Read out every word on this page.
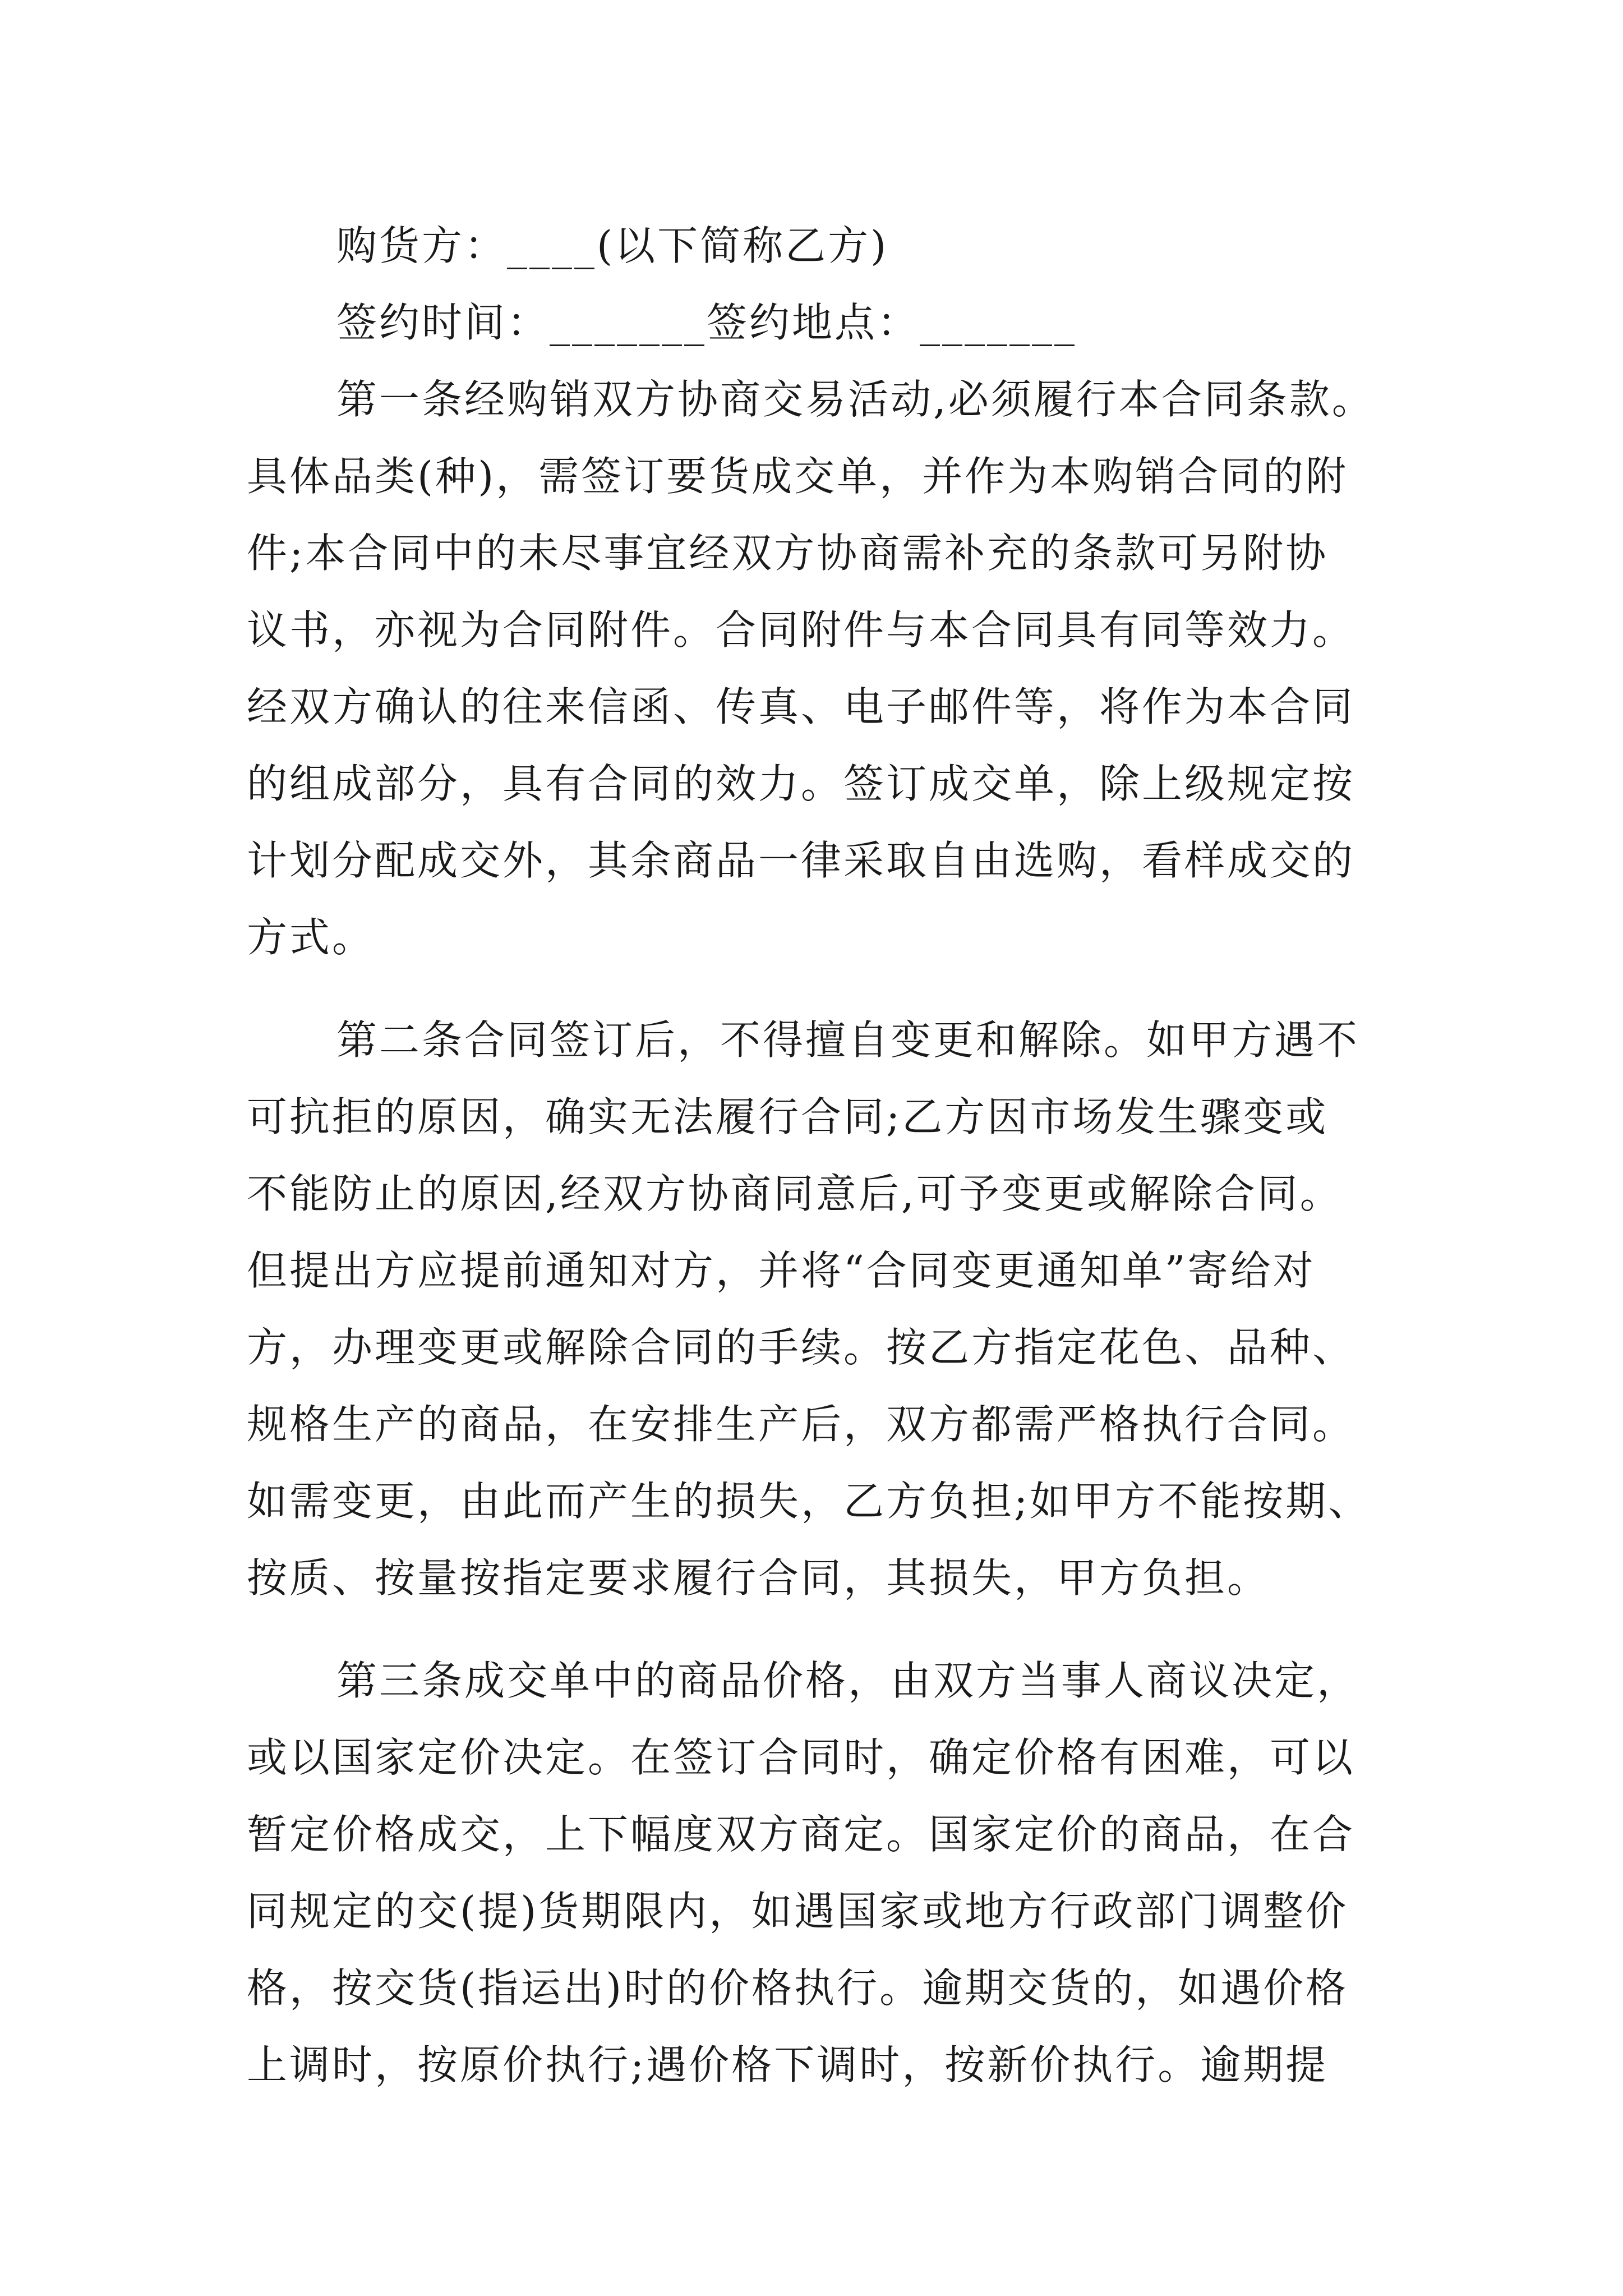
购货方：____(以下简称乙方)
签约时间：_______签约地点：_______
第一条经购销双方协商交易活动,必须履行本合同条款。
具体品类(种)，需签订要货成交单，并作为本购销合同的附
件;本合同中的未尽事宜经双方协商需补充的条款可另附协
议书，亦视为合同附件。合同附件与本合同具有同等效力。
经双方确认的往来信函、传真、电子邮件等，将作为本合同
的组成部分，具有合同的效力。签订成交单，除上级规定按
计划分配成交外，其余商品一律采取自由选购，看样成交的
方式。
第二条合同签订后，不得擅自变更和解除。如甲方遇不
可抗拒的原因，确实无法履行合同;乙方因市场发生骤变或
不能防止的原因,经双方协商同意后,可予变更或解除合同。
但提出方应提前通知对方，并将“合同变更通知单”寄给对
方，办理变更或解除合同的手续。按乙方指定花色、品种、
规格生产的商品，在安排生产后，双方都需严格执行合同。
如需变更，由此而产生的损失，乙方负担;如甲方不能按期、
按质、按量按指定要求履行合同，其损失，甲方负担。
第三条成交单中的商品价格，由双方当事人商议决定，
或以国家定价决定。在签订合同时，确定价格有困难，可以
暂定价格成交，上下幅度双方商定。国家定价的商品，在合
同规定的交(提)货期限内，如遇国家或地方行政部门调整价
格，按交货(指运出)时的价格执行。逾期交货的，如遇价格
上调时，按原价执行;遇价格下调时，按新价执行。逾期提
